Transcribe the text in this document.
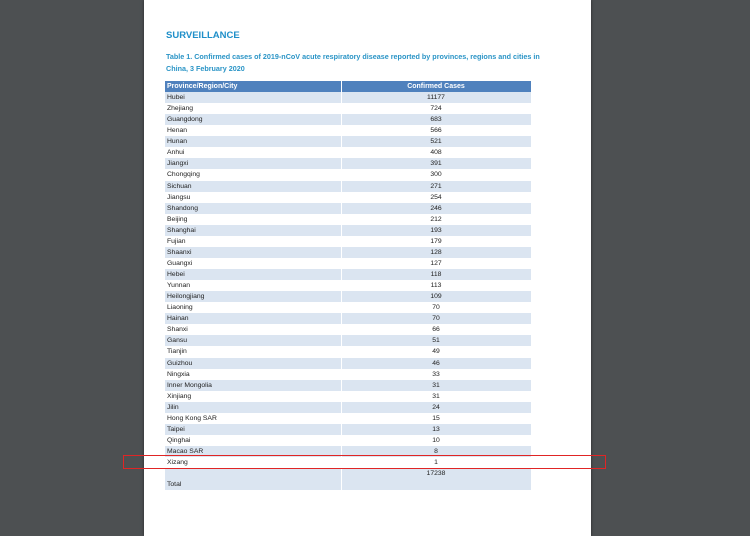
SURVEILLANCE
Table 1. Confirmed cases of 2019-nCoV acute respiratory disease reported by provinces, regions and cities in China, 3 February 2020
Province/Region/City	Confirmed Cases
Hubei	11177
Zhejiang	724
Guangdong	683
Henan	566
Hunan	521
Anhui	408
Jiangxi	391
Chongqing	300
Sichuan	271
Jiangsu	254
Shandong	246
Beijing	212
Shanghai	193
Fujian	179
Shaanxi	128
Guangxi	127
Hebei	118
Yunnan	113
Heilongjiang	109
Liaoning	70
Hainan	70
Shanxi	66
Gansu	51
Tianjin	49
Guizhou	46
Ningxia	33
Inner Mongolia	31
Xinjiang	31
Jilin	24
Hong Kong SAR	15
Taipei	13
Qinghai	10
Macao SAR	8
Xizang	1
Total	17238
